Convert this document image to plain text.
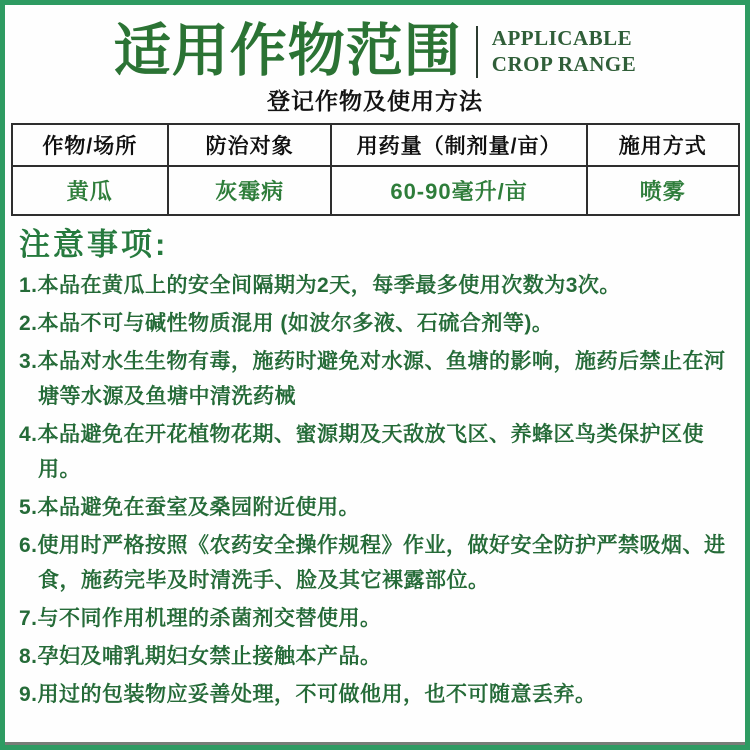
适用作物范围 APPLICABLE
CROP RANGE
登记作物及使用方法
作物/场所	防治对象	用药量（制剂量/亩）	施用方式
黄瓜	灰霉病	60-90毫升/亩	喷雾
注意事项:
1.本品在黄瓜上的安全间隔期为2天，每季最多使用次数为3次。
2.本品不可与碱性物质混用 (如波尔多液、石硫合剂等)。
3.本品对水生生物有毒，施药时避免对水源、鱼塘的影响，施药后禁止在河塘等水源及鱼塘中清洗药械
4.本品避免在开花植物花期、蜜源期及天敌放飞区、养蜂区鸟类保护区使用。
5.本品避免在蚕室及桑园附近使用。
6.使用时严格按照《农药安全操作规程》作业，做好安全防护严禁吸烟、进食，施药完毕及时清洗手、脸及其它裸露部位。
7.与不同作用机理的杀菌剂交替使用。
8.孕妇及哺乳期妇女禁止接触本产品。
9.用过的包装物应妥善处理，不可做他用，也不可随意丢弃。
